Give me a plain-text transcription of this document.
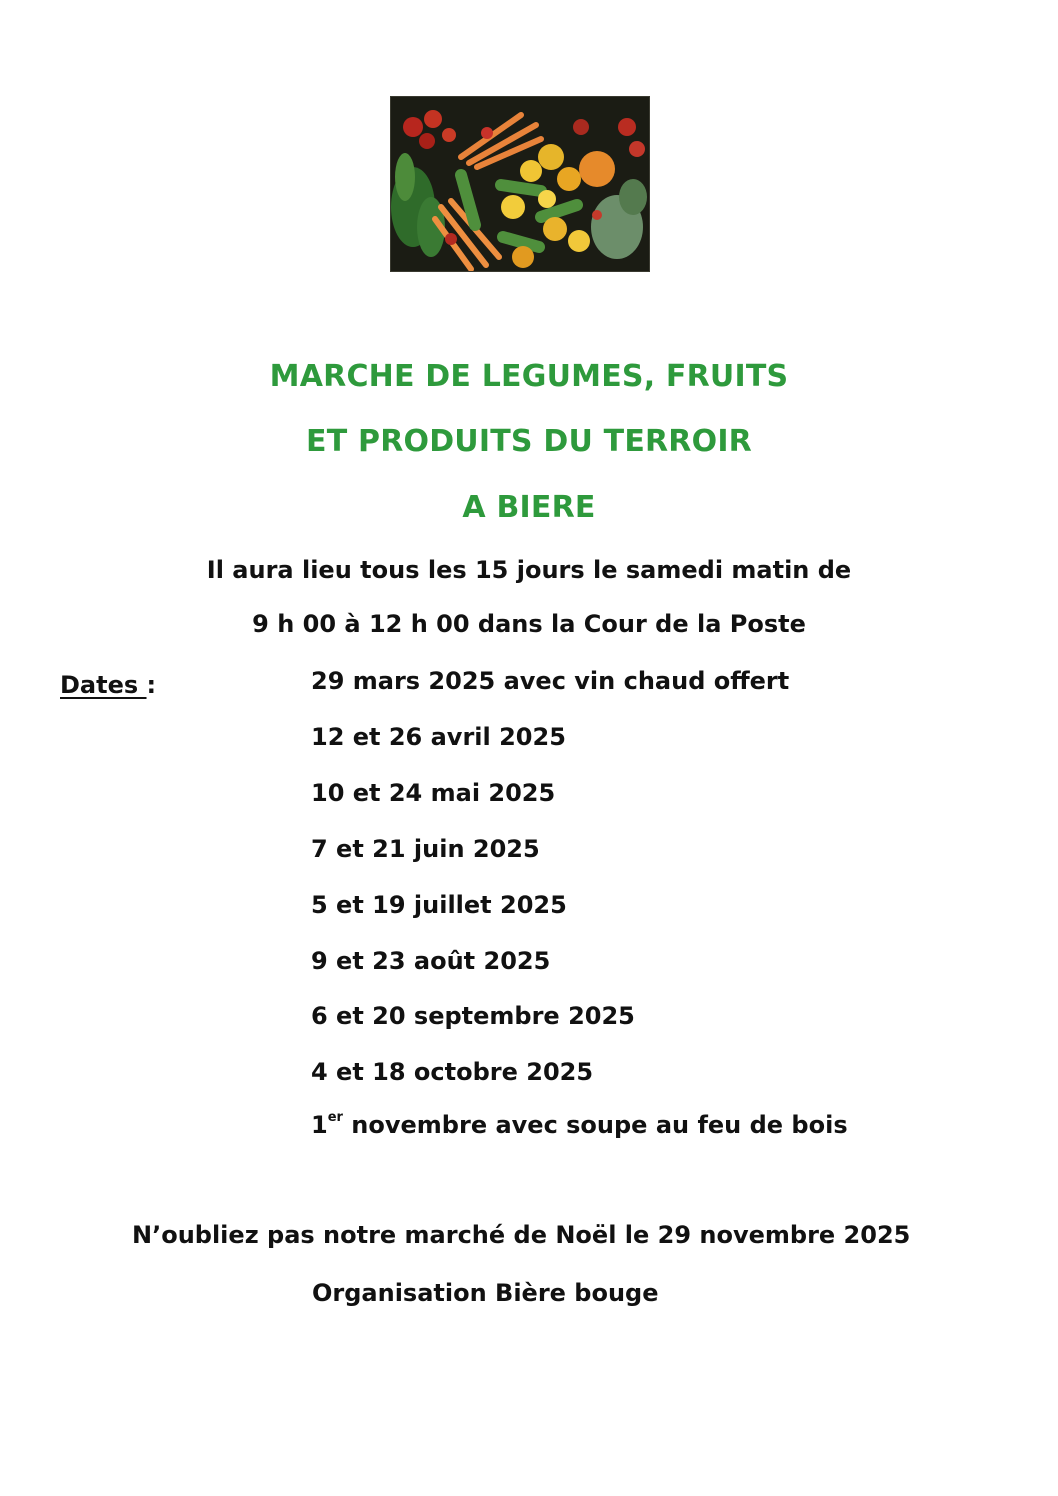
MARCHE DE LEGUMES, FRUITS
ET PRODUITS DU TERROIR
A BIERE
Il aura lieu tous les 15 jours le samedi matin de
9 h 00 à 12 h 00 dans la Cour de la Poste
Dates :	29 mars 2025 avec vin chaud offert
12 et 26 avril 2025
10 et 24 mai 2025
7 et 21 juin 2025
5 et 19 juillet 2025
9 et 23 août 2025
6 et 20 septembre 2025
4 et 18 octobre 2025
1er novembre avec soupe au feu de bois
N’oubliez pas notre marché de Noël le 29 novembre 2025
Organisation Bière bouge
